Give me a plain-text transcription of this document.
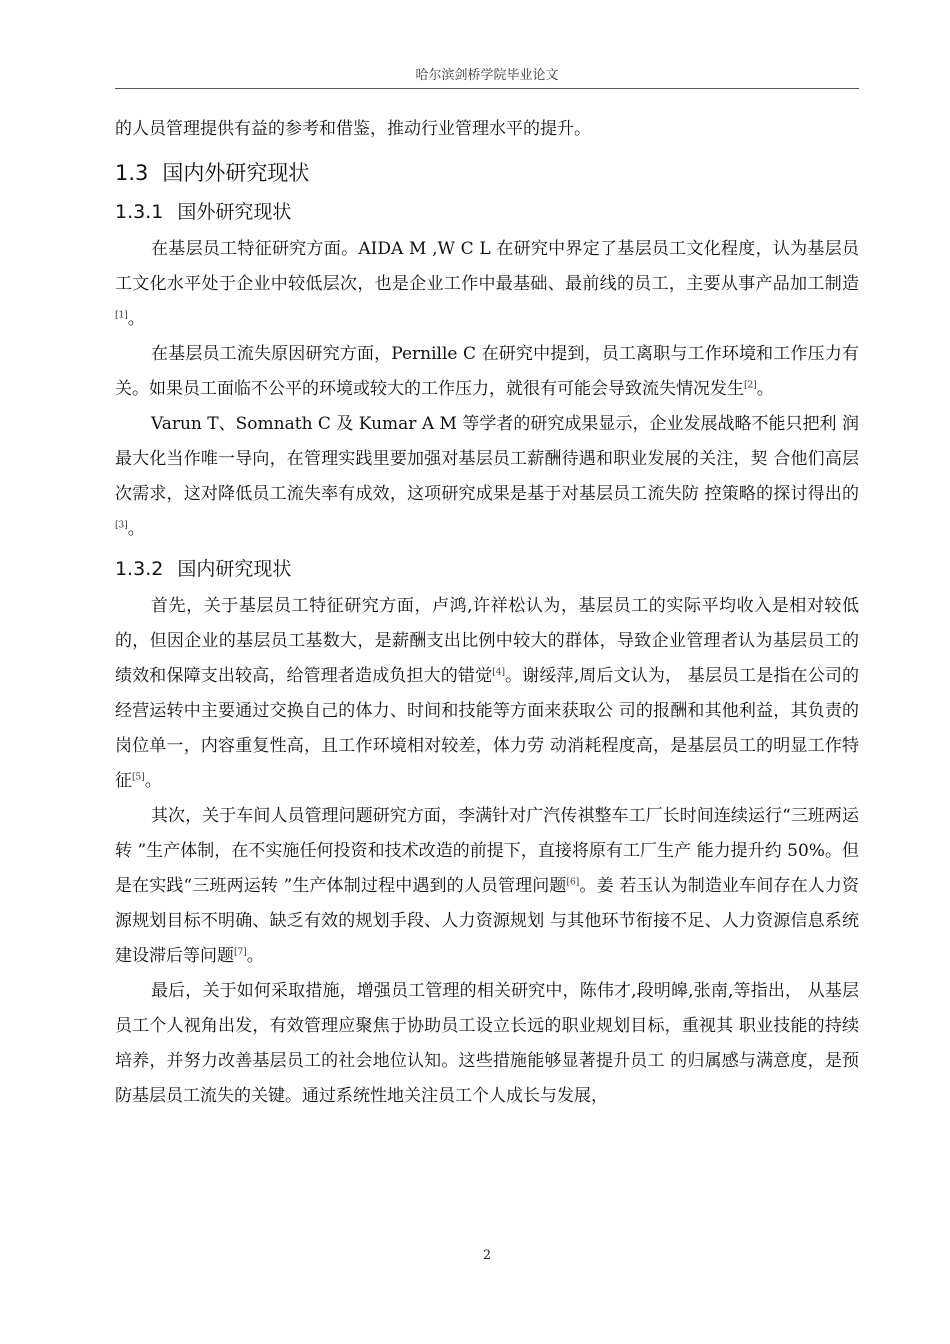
哈尔滨剑桥学院毕业论文

的人员管理提供有益的参考和借鉴，推动行业管理水平的提升。

1.3 国内外研究现状
1.3.1 国外研究现状

在基层员工特征研究方面。AIDA M ,W C L 在研究中界定了基层员工文化程度，认为基层员工文化水平处于企业中较低层次，也是企业工作中最基础、最前线的员工，主要从事产品加工制造[1]。

在基层员工流失原因研究方面，Pernille C 在研究中提到，员工离职与工作环境和工作压力有关。如果员工面临不公平的环境或较大的工作压力，就很有可能会导致流失情况发生[2]。

Varun T、Somnath C 及 Kumar A M 等学者的研究成果显示，企业发展战略不能只把利 润最大化当作唯一导向，在管理实践里要加强对基层员工薪酬待遇和职业发展的关注，契 合他们高层次需求，这对降低员工流失率有成效，这项研究成果是基于对基层员工流失防 控策略的探讨得出的[3]。

1.3.2 国内研究现状

首先，关于基层员工特征研究方面，卢鸿,许祥松认为，基层员工的实际平均收入是相对较低的，但因企业的基层员工基数大，是薪酬支出比例中较大的群体，导致企业管理者认为基层员工的绩效和保障支出较高，给管理者造成负担大的错觉[4]。谢绥萍,周后文认为， 基层员工是指在公司的经营运转中主要通过交换自己的体力、时间和技能等方面来获取公 司的报酬和其他利益，其负责的岗位单一，内容重复性高，且工作环境相对较差，体力劳 动消耗程度高，是基层员工的明显工作特征[5]。

其次，关于车间人员管理问题研究方面，李满针对广汽传祺整车工厂长时间连续运行“三班两运转 ”生产体制，在不实施任何投资和技术改造的前提下，直接将原有工厂生产 能力提升约 50%。但是在实践“三班两运转 ”生产体制过程中遇到的人员管理问题[6]。姜 若玉认为制造业车间存在人力资源规划目标不明确、缺乏有效的规划手段、人力资源规划 与其他环节衔接不足、人力资源信息系统建设滞后等问题[7]。

最后，关于如何采取措施，增强员工管理的相关研究中，陈伟才,段明皞,张南,等指出， 从基层员工个人视角出发，有效管理应聚焦于协助员工设立长远的职业规划目标，重视其 职业技能的持续培养，并努力改善基层员工的社会地位认知。这些措施能够显著提升员工 的归属感与满意度，是预防基层员工流失的关键。通过系统性地关注员工个人成长与发展，

2
